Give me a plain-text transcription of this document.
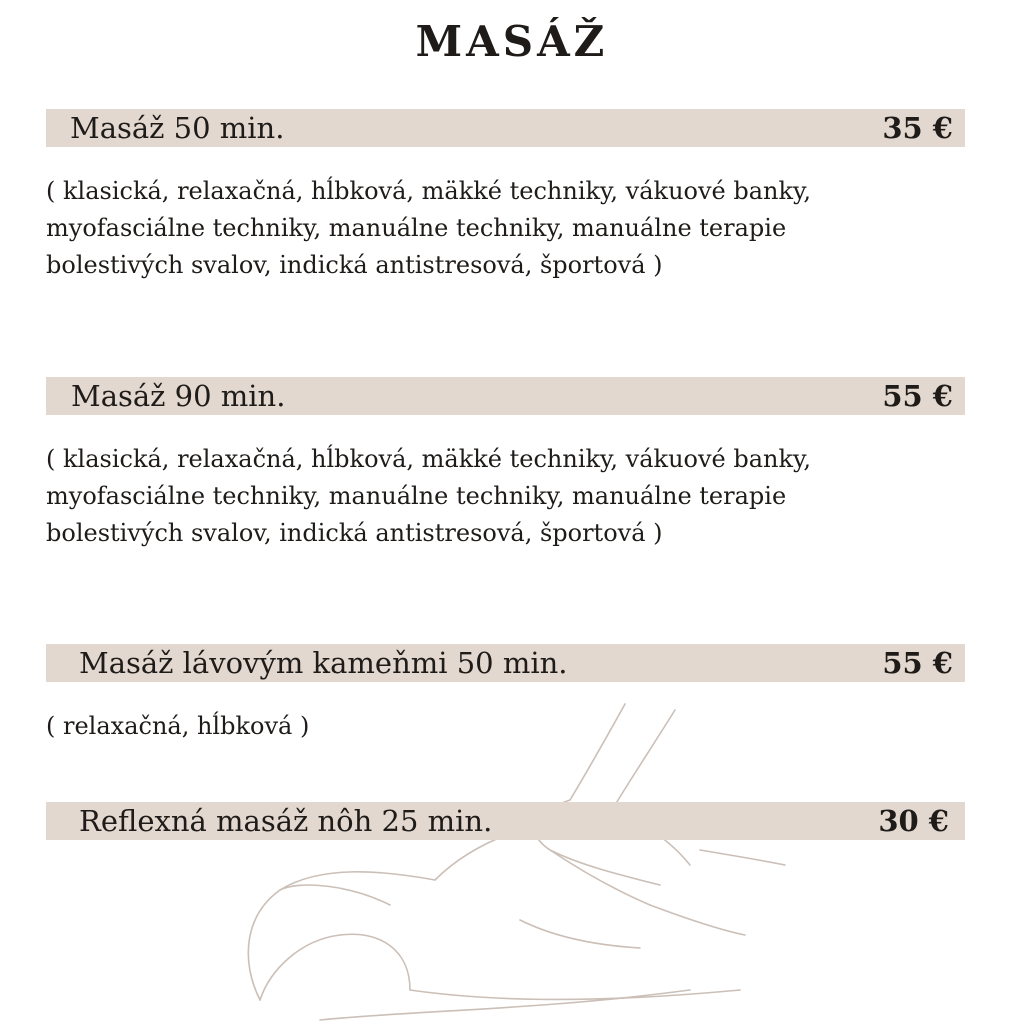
MASÁŽ
Masáž 50 min.	35 €
( klasická, relaxačná, hĺbková, mäkké techniky, vákuové banky, myofasciálne techniky, manuálne techniky, manuálne terapie bolestivých svalov, indická antistresová, športová )
Masáž 90 min.	55 €
( klasická, relaxačná, hĺbková, mäkké techniky, vákuové banky, myofasciálne techniky, manuálne techniky, manuálne terapie bolestivých svalov, indická antistresová, športová )
Masáž lávovým kameňmi 50 min.	55 €
( relaxačná, hĺbková )
Reflexná masáž nôh 25 min.	30 €
